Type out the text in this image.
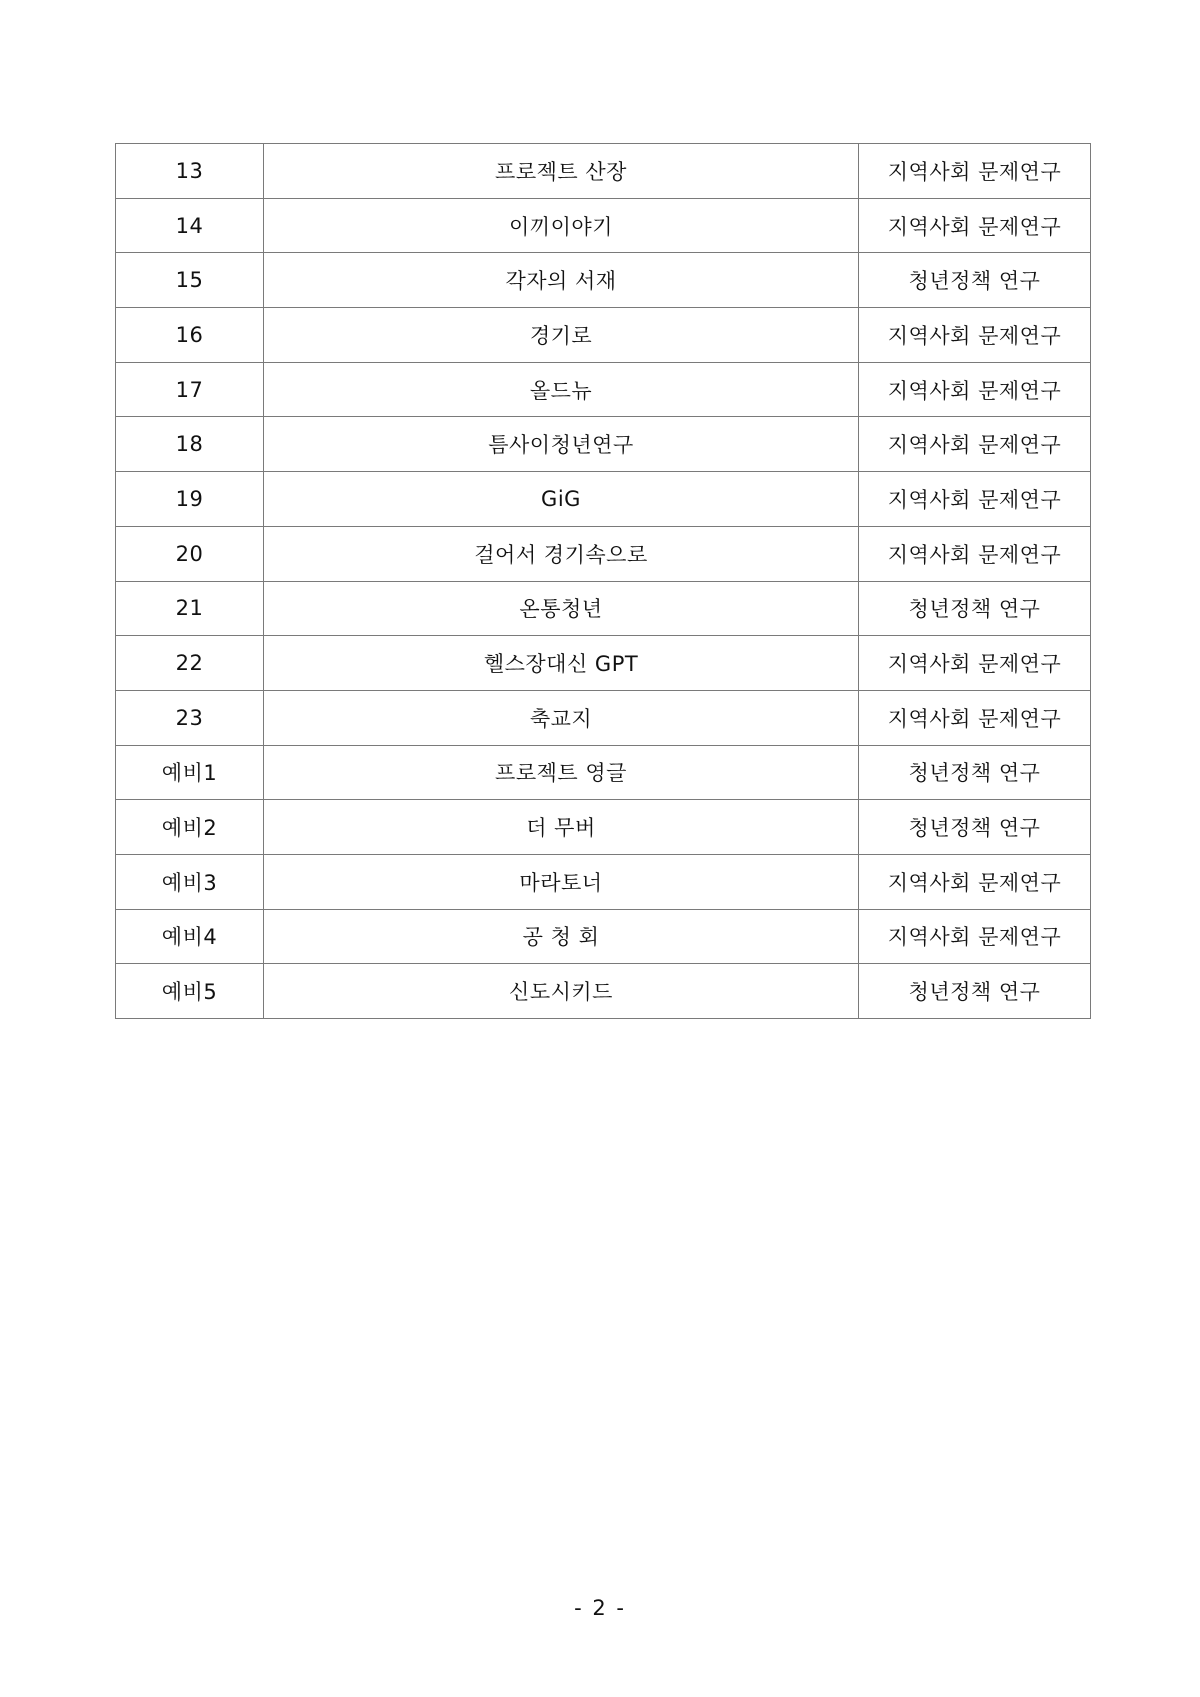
13	프로젝트 산장	지역사회 문제연구
14	이끼이야기	지역사회 문제연구
15	각자의 서재	청년정책 연구
16	경기로	지역사회 문제연구
17	올드뉴	지역사회 문제연구
18	틈사이청년연구	지역사회 문제연구
19	GiG	지역사회 문제연구
20	걸어서 경기속으로	지역사회 문제연구
21	온통청년	청년정책 연구
22	헬스장대신 GPT	지역사회 문제연구
23	축교지	지역사회 문제연구
예비1	프로젝트 영글	청년정책 연구
예비2	더 무버	청년정책 연구
예비3	마라토너	지역사회 문제연구
예비4	공 청 회	지역사회 문제연구
예비5	신도시키드	청년정책 연구
- 2 -
